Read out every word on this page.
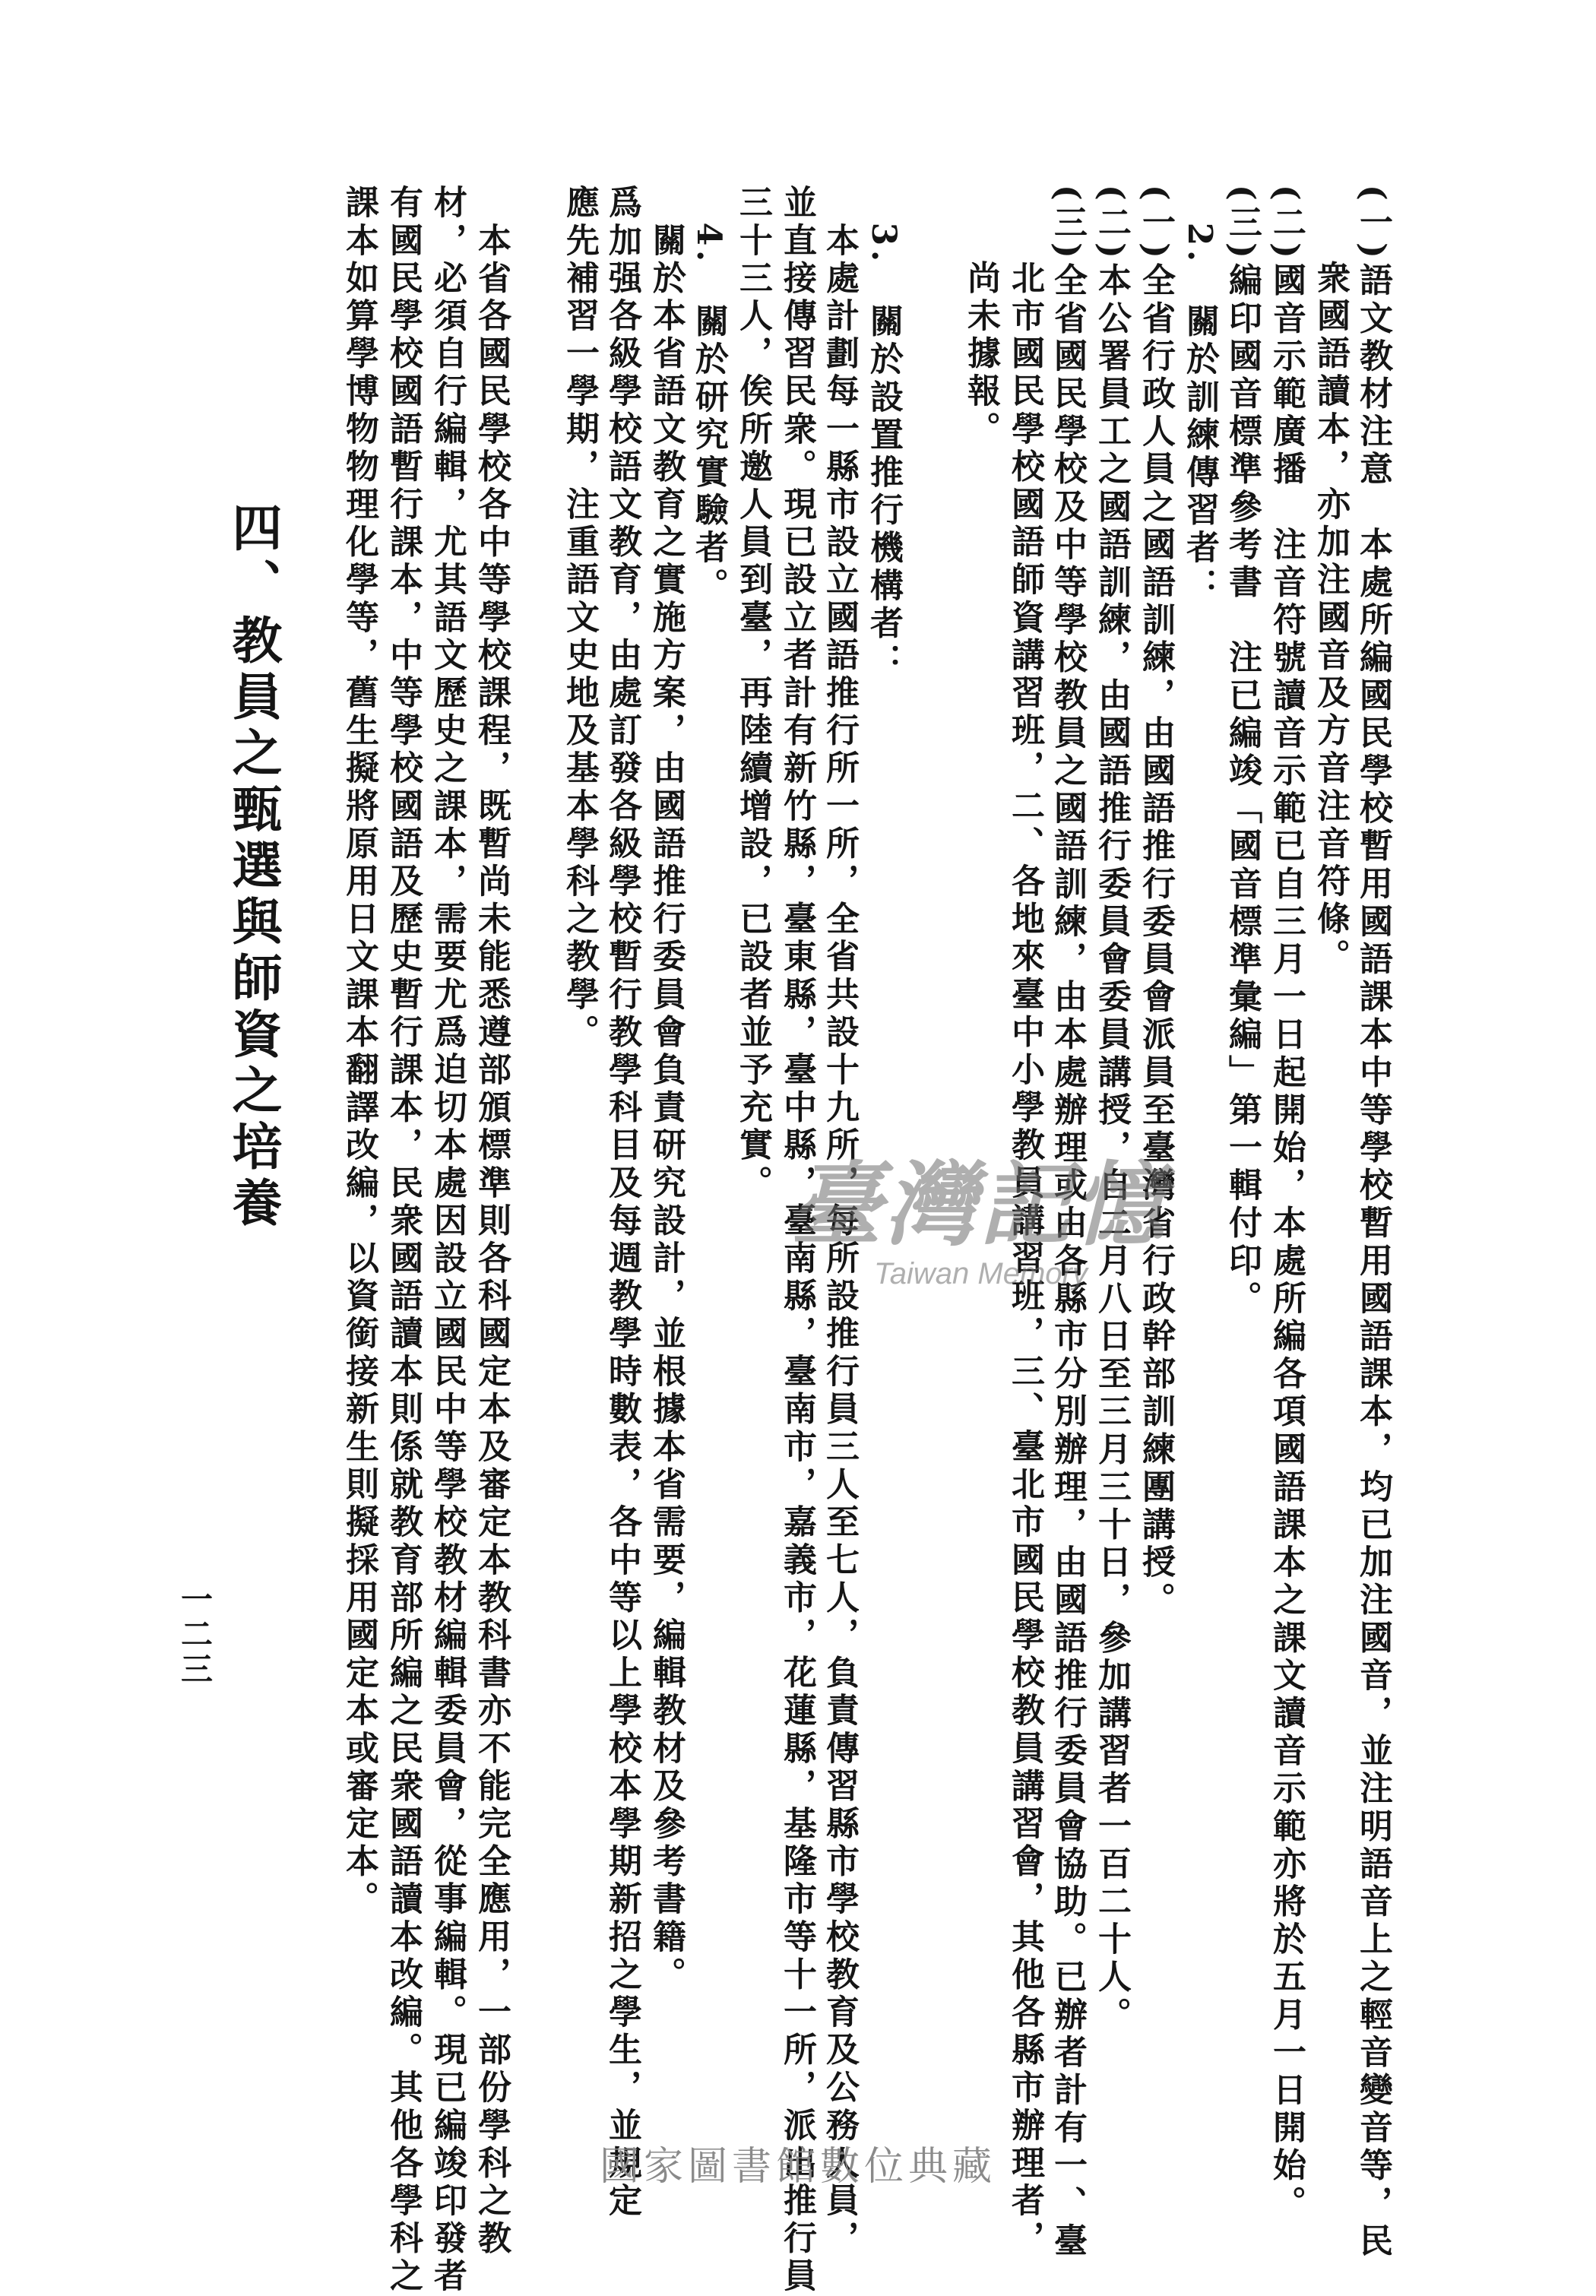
(一)語文教材注意　本處所編國民學校暫用國語課本中等學校暫用國語課本，均已加注國音，並注明語音上之輕音變音等，民
　　衆國語讀本，亦加注國音及方音注音符條。
(二)國音示範廣播　注音符號讀音示範已自三月一日起開始，本處所編各項國語課本之課文讀音示範亦將於五月一日開始。
(三)編印國音標準參考書　注已編竣「國音標準彙編」第一輯付印。
　2.　關於訓練傳習者：
(一)全省行政人員之國語訓練，由國語推行委員會派員至臺灣省行政幹部訓練團講授。
(二)本公署員工之國語訓練，由國語推行委員會委員講授，自二月八日至三月三十日，參加講習者一百二十人。
(三)全省國民學校及中等學校教員之國語訓練，由本處辦理或由各縣市分別辦理，由國語推行委員會協助。已辦者計有一、臺
　　北市國民學校國語師資講習班，二、各地來臺中小學教員講習班，三、臺北市國民學校教員講習會，其他各縣市辦理者，
　　尚未據報。
　3.　關於設置推行機構者：
　本處計劃每一縣市設立國語推行所一所，全省共設十九所，每所設推行員三人至七人，負責傳習縣市學校教育及公務人員，
並直接傳習民衆。現已設立者計有新竹縣，臺東縣，臺中縣，臺南縣，臺南市，嘉義市，花蓮縣，基隆市等十一所，派出推行員
三十三人，俟所邀人員到臺，再陸續增設，已設者並予充實。
　4.　關於研究實驗者。
　關於本省語文教育之實施方案，由國語推行委員會負責研究設計，並根據本省需要，編輯教材及參考書籍。
爲加强各級學校語文教育，由處訂發各級學校暫行教學科目及每週教學時數表，各中等以上學校本學期新招之學生，並規定
應先補習一學期，注重語文史地及基本學科之教學。
　本省各國民學校各中等學校課程，既暫尚未能悉遵部頒標準則各科國定本及審定本教科書亦不能完全應用，一部份學科之教
材，必須自行編輯，尤其語文歷史之課本，需要尤爲迫切本處因設立國民中等學校教材編輯委員會，從事編輯。現已編竣印發者
有國民學校國語暫行課本，中等學校國語及歷史暫行課本，民衆國語讀本則係就教育部所編之民衆國語讀本改編。其他各學科之
課本如算學博物物理化學等，舊生擬將原用日文課本翻譯改編，以資銜接新生則擬採用國定本或審定本。
四、教員之甄選與師資之培養
一二三
臺灣記憶
Taiwan Memory
國家圖書館數位典藏
